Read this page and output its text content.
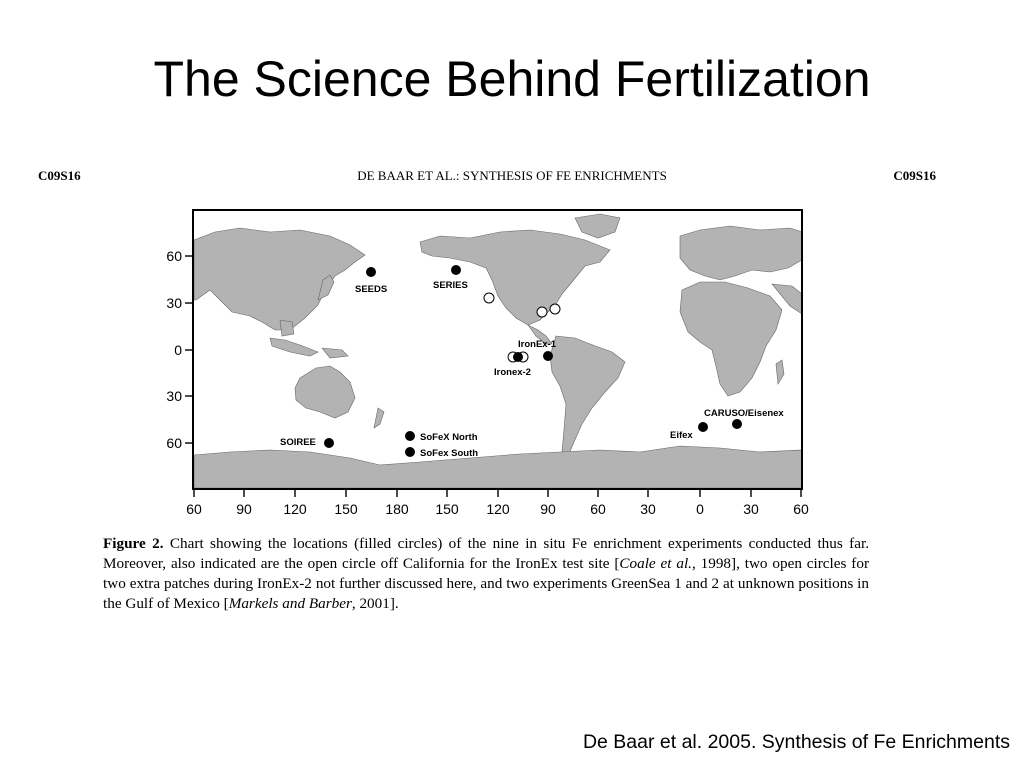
The Science Behind Fertilization
C09S16	DE BAAR ET AL.: SYNTHESIS OF FE ENRICHMENTS	C09S16
60
30
0
30
60
60 90 120 150 180 150 120 90 60 30	0	30 60
SEEDS	SERIES
IronEx-1
Ironex-2
SOIREE	SoFeX North
SoFex South
CARUSO/Eisenex
Eifex
Figure 2. Chart showing the locations (filled circles) of the nine in situ Fe enrichment experiments conducted thus far. Moreover, also indicated are the open circle off California for the IronEx test site [Coale et al., 1998], two open circles for two extra patches during IronEx-2 not further discussed here, and two experiments GreenSea 1 and 2 at unknown positions in the Gulf of Mexico [Markels and Barber, 2001].
De Baar et al. 2005. Synthesis of Fe Enrichments
